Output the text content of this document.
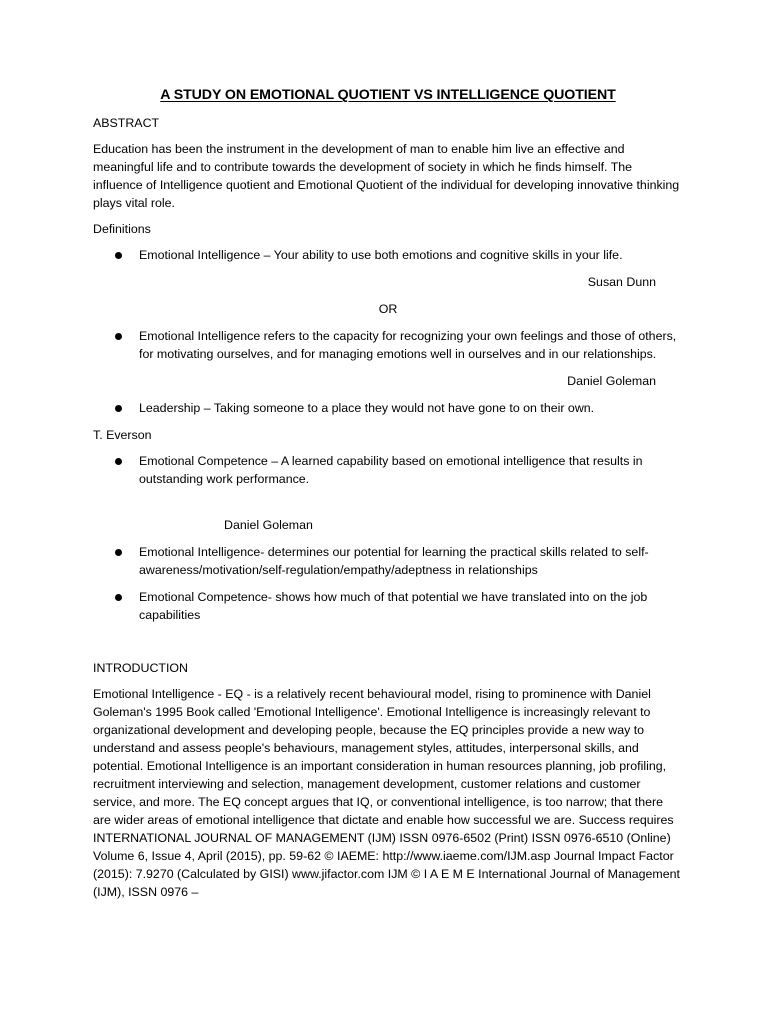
A STUDY ON EMOTIONAL QUOTIENT VS INTELLIGENCE QUOTIENT

ABSTRACT

Education has been the instrument in the development of man to enable him live an effective and meaningful life and to contribute towards the development of society in which he finds himself. The influence of Intelligence quotient and Emotional Quotient of the individual for developing innovative thinking plays vital role.

Definitions

Emotional Intelligence – Your ability to use both emotions and cognitive skills in your life.

Susan Dunn

OR

Emotional Intelligence refers to the capacity for recognizing your own feelings and those of others, for motivating ourselves, and for managing emotions well in ourselves and in our relationships.

Daniel Goleman

Leadership – Taking someone to a place they would not have gone to on their own.

T. Everson

Emotional Competence – A learned capability based on emotional intelligence that results in outstanding work performance.

Daniel Goleman

Emotional Intelligence- determines our potential for learning the practical skills related to self-awareness/motivation/self-regulation/empathy/adeptness in relationships
Emotional Competence- shows how much of that potential we have translated into on the job capabilities

INTRODUCTION

Emotional Intelligence - EQ - is a relatively recent behavioural model, rising to prominence with Daniel Goleman's 1995 Book called 'Emotional Intelligence'. Emotional Intelligence is increasingly relevant to organizational development and developing people, because the EQ principles provide a new way to understand and assess people's behaviours, management styles, attitudes, interpersonal skills, and potential. Emotional Intelligence is an important consideration in human resources planning, job profiling, recruitment interviewing and selection, management development, customer relations and customer service, and more. The EQ concept argues that IQ, or conventional intelligence, is too narrow; that there are wider areas of emotional intelligence that dictate and enable how successful we are. Success requires INTERNATIONAL JOURNAL OF MANAGEMENT (IJM) ISSN 0976-6502 (Print) ISSN 0976-6510 (Online) Volume 6, Issue 4, April (2015), pp. 59-62 © IAEME: http://www.iaeme.com/IJM.asp Journal Impact Factor (2015): 7.9270 (Calculated by GISI) www.jifactor.com IJM © I A E M E International Journal of Management (IJM), ISSN 0976 –
